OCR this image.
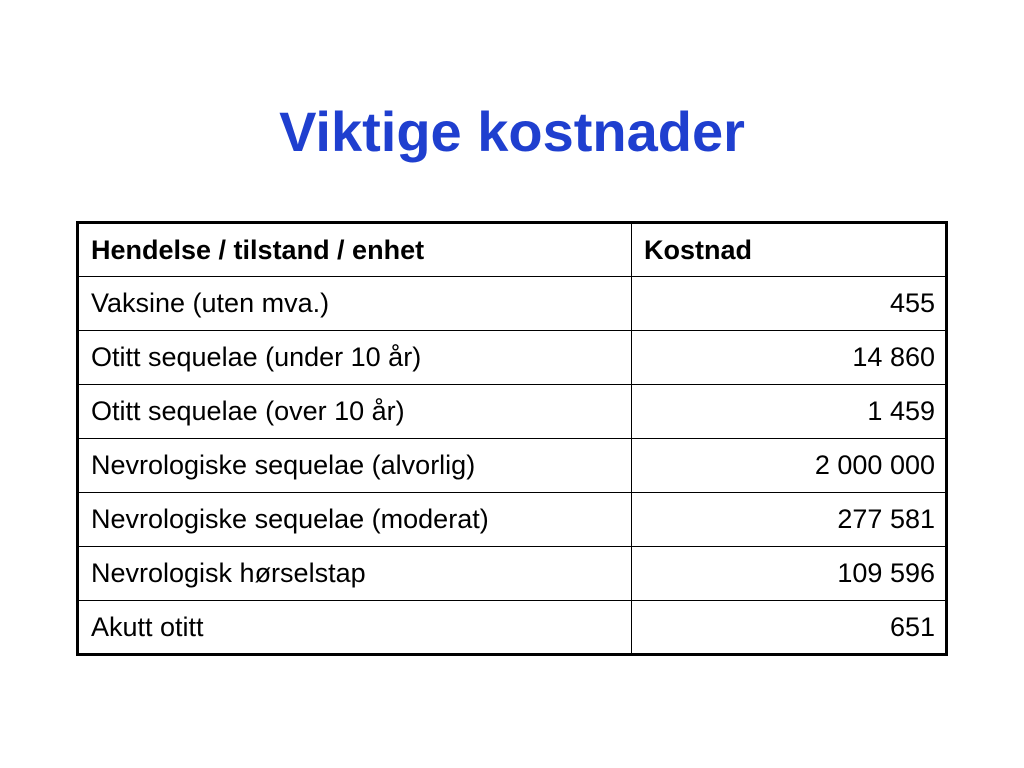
Viktige kostnader
Hendelse / tilstand / enhet	Kostnad
Vaksine (uten mva.)	455
Otitt sequelae (under 10 år)	14 860
Otitt sequelae (over 10 år)	1 459
Nevrologiske sequelae (alvorlig)	2 000 000
Nevrologiske sequelae (moderat)	277 581
Nevrologisk hørselstap	109 596
Akutt otitt	651
